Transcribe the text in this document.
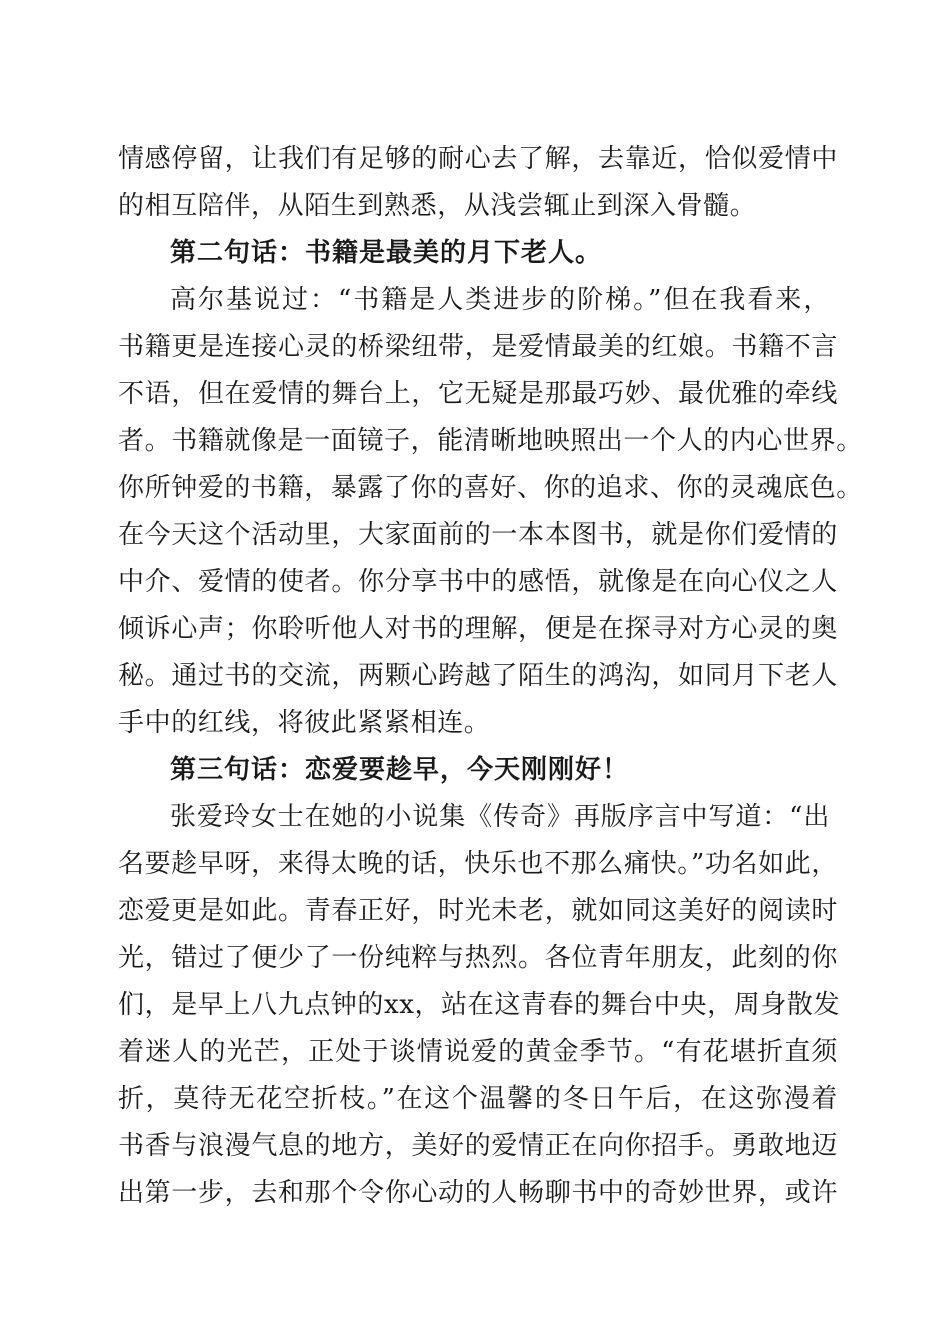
情感停留，让我们有足够的耐心去了解，去靠近，恰似爱情中
的相互陪伴，从陌生到熟悉，从浅尝辄止到深入骨髓。
第二句话：书籍是最美的月下老人。
高尔基说过：“书籍是人类进步的阶梯。”但在我看来，
书籍更是连接心灵的桥梁纽带，是爱情最美的红娘。书籍不言
不语，但在爱情的舞台上，它无疑是那最巧妙、最优雅的牵线
者。书籍就像是一面镜子，能清晰地映照出一个人的内心世界。
你所钟爱的书籍，暴露了你的喜好、你的追求、你的灵魂底色。
在今天这个活动里，大家面前的一本本图书，就是你们爱情的
中介、爱情的使者。你分享书中的感悟，就像是在向心仪之人
倾诉心声；你聆听他人对书的理解，便是在探寻对方心灵的奥
秘。通过书的交流，两颗心跨越了陌生的鸿沟，如同月下老人
手中的红线，将彼此紧紧相连。
第三句话：恋爱要趁早，今天刚刚好！
张爱玲女士在她的小说集《传奇》再版序言中写道：“出
名要趁早呀，来得太晚的话，快乐也不那么痛快。”功名如此，
恋爱更是如此。青春正好，时光未老，就如同这美好的阅读时
光，错过了便少了一份纯粹与热烈。各位青年朋友，此刻的你
们，是早上八九点钟的xx，站在这青春的舞台中央，周身散发
着迷人的光芒，正处于谈情说爱的黄金季节。“有花堪折直须
折，莫待无花空折枝。”在这个温馨的冬日午后，在这弥漫着
书香与浪漫气息的地方，美好的爱情正在向你招手。勇敢地迈
出第一步，去和那个令你心动的人畅聊书中的奇妙世界，或许
